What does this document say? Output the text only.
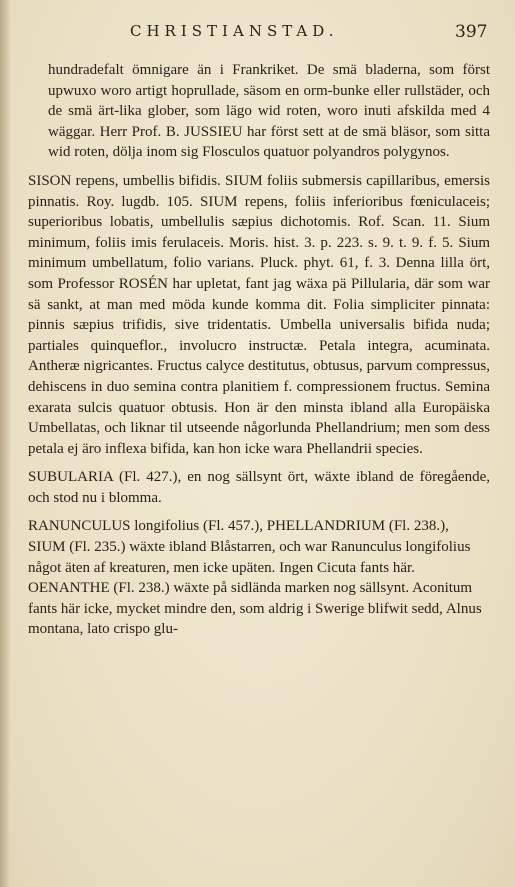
CHRISTIANSTAD.	397

hundradefalt ömnigare än i Frankriket. De smä bladerna, som först upwuxo woro artigt hoprullade, säsom en orm-bunke eller rullstäder, och de smä ärt-lika glober, som lägo wid roten, woro inuti afskilda med 4 wäggar. Herr Prof. B. JUSSIEU har först sett at de smä bläsor, som sitta wid roten, dölja inom sig Flosculos quatuor polyandros polygynos.

SISON repens, umbellis bifidis. SIUM foliis submersis capillaribus, emersis pinnatis. Roy. lugdb. 105. SIUM repens, foliis inferioribus fœniculaceis; superioribus lobatis, umbellulis sæpius dichotomis. Rof. Scan. 11. Sium minimum, foliis imis ferulaceis. Moris. hist. 3. p. 223. s. 9. t. 9. f. 5. Sium minimum umbellatum, folio varians. Pluck. phyt. 61, f. 3. Denna lilla ört, som Professor ROSÉN har upletat, fant jag wäxa pä Pillularia, där som war sä sankt, at man med möda kunde komma dit. Folia simpliciter pinnata: pinnis sæpius trifidis, sive tridentatis. Umbella universalis bifida nuda; partiales quinqueflor., involucro instructæ. Petala integra, acuminata. Antheræ nigricantes. Fructus calyce destitutus, obtusus, parvum compressus, dehiscens in duo semina contra planitiem f. compressionem fructus. Semina exarata sulcis quatuor obtusis. Hon är den minsta ibland alla Europäiska Umbellatas, och liknar til utseende någorlunda Phellandrium; men som dess petala ej äro inflexa bifida, kan hon icke wara Phellandrii species.

SUBULARIA (Fl. 427.), en nog sällsynt ört, wäxte ibland de föregående, och stod nu i blomma.

RANUNCULUS longifolius (Fl. 457.), PHELLANDRIUM (Fl. 238.), SIUM (Fl. 235.) wäxte ibland Blåstarren, och war Ranunculus longifolius något äten af kreaturen, men icke upäten. Ingen Cicuta fants här. OENANTHE (Fl. 238.) wäxte på sidlända marken nog sällsynt. Aconitum fants här icke, mycket mindre den, som aldrig i Swerige blifwit sedd, Alnus montana, lato crispo glu-
